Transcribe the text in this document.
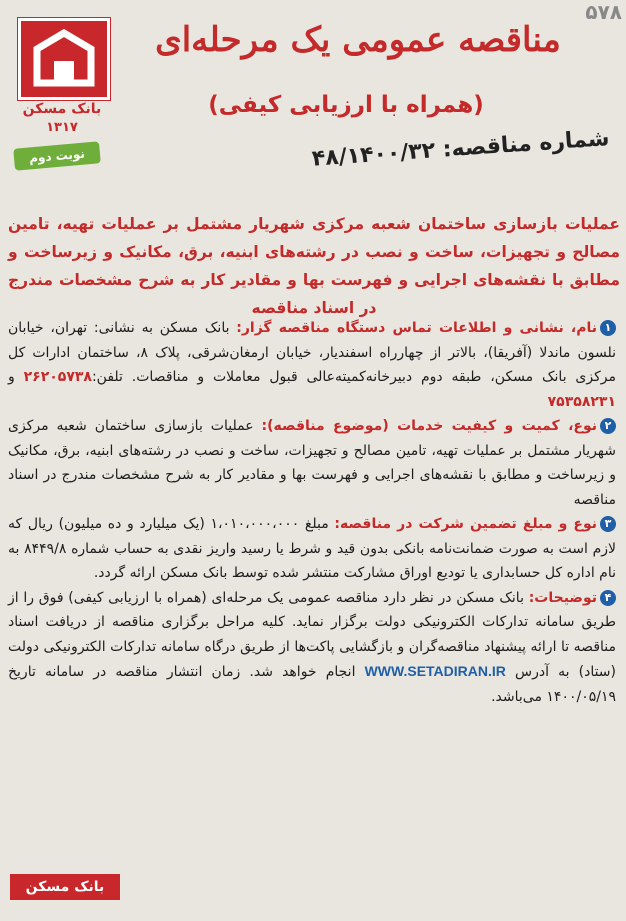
۵۷۸
بانک مسکن
۱۳۱۷
نوبت دوم
مناقصه عمومی یک مرحله‌ای
(همراه با ارزیابی کیفی)
شماره مناقصه: ۴۸/۱۴۰۰/۳۲
عملیات بازسازی ساختمان شعبه مرکزی شهریار مشتمل بر عملیات تهیه، تامین مصالح و تجهیزات، ساخت و نصب در رشته‌های ابنیه، برق، مکانیک و زیرساخت و مطابق با نقشه‌های اجرایی و فهرست بها و مقادیر کار به شرح مشخصات مندرج در اسناد مناقصه

۱نام، نشانی و اطلاعات تماس دستگاه مناقصه گزار: بانک مسکن به نشانی: تهران، خیابان نلسون ماندلا (آفریقا)، بالاتر از چهارراه اسفندیار، خیابان ارمغان‌شرقی، پلاک ۸، ساختمان ادارات کل مرکزی بانک مسکن، طبقه دوم دبیرخانه‌کمیته‌عالی قبول معاملات و مناقصات. تلفن:۲۶۲۰۵۷۳۸ و ۷۵۳۵۸۲۳۱

۲نوع، کمیت و کیفیت خدمات (موضوع مناقصه): عملیات بازسازی ساختمان شعبه مرکزی شهریار مشتمل بر عملیات تهیه، تامین مصالح و تجهیزات، ساخت و نصب در رشته‌های ابنیه، برق، مکانیک و زیرساخت و مطابق با نقشه‌های اجرایی و فهرست بها و مقادیر کار به شرح مشخصات مندرج در اسناد مناقصه

۳نوع و مبلغ تضمین شرکت در مناقصه: مبلغ ۱،۰۱۰،۰۰۰،۰۰۰ (یک میلیارد و ده میلیون) ریال که لازم است به صورت ضمانت‌نامه بانکی بدون قید و شرط یا رسید واریز نقدی به حساب شماره ۸۴۴۹/۸ به نام اداره کل حسابداری یا تودیع اوراق مشارکت منتشر شده توسط بانک مسکن ارائه گردد.

۴توضیحات: بانک مسکن در نظر دارد مناقصه عمومی یک مرحله‌ای (همراه با ارزیابی کیفی) فوق را از طریق سامانه تدارکات الکترونیکی دولت برگزار نماید. کلیه مراحل برگزاری مناقصه از دریافت اسناد مناقصه تا ارائه پیشنهاد مناقصه‌گران و بازگشایی پاکت‌ها از طریق درگاه سامانه تدارکات الکترونیکی دولت (ستاد) به آدرس WWW.SETADIRAN.IR انجام خواهد شد. زمان انتشار مناقصه در سامانه تاریخ ۱۴۰۰/۰۵/۱۹ می‌باشد.

بانک مسکن
